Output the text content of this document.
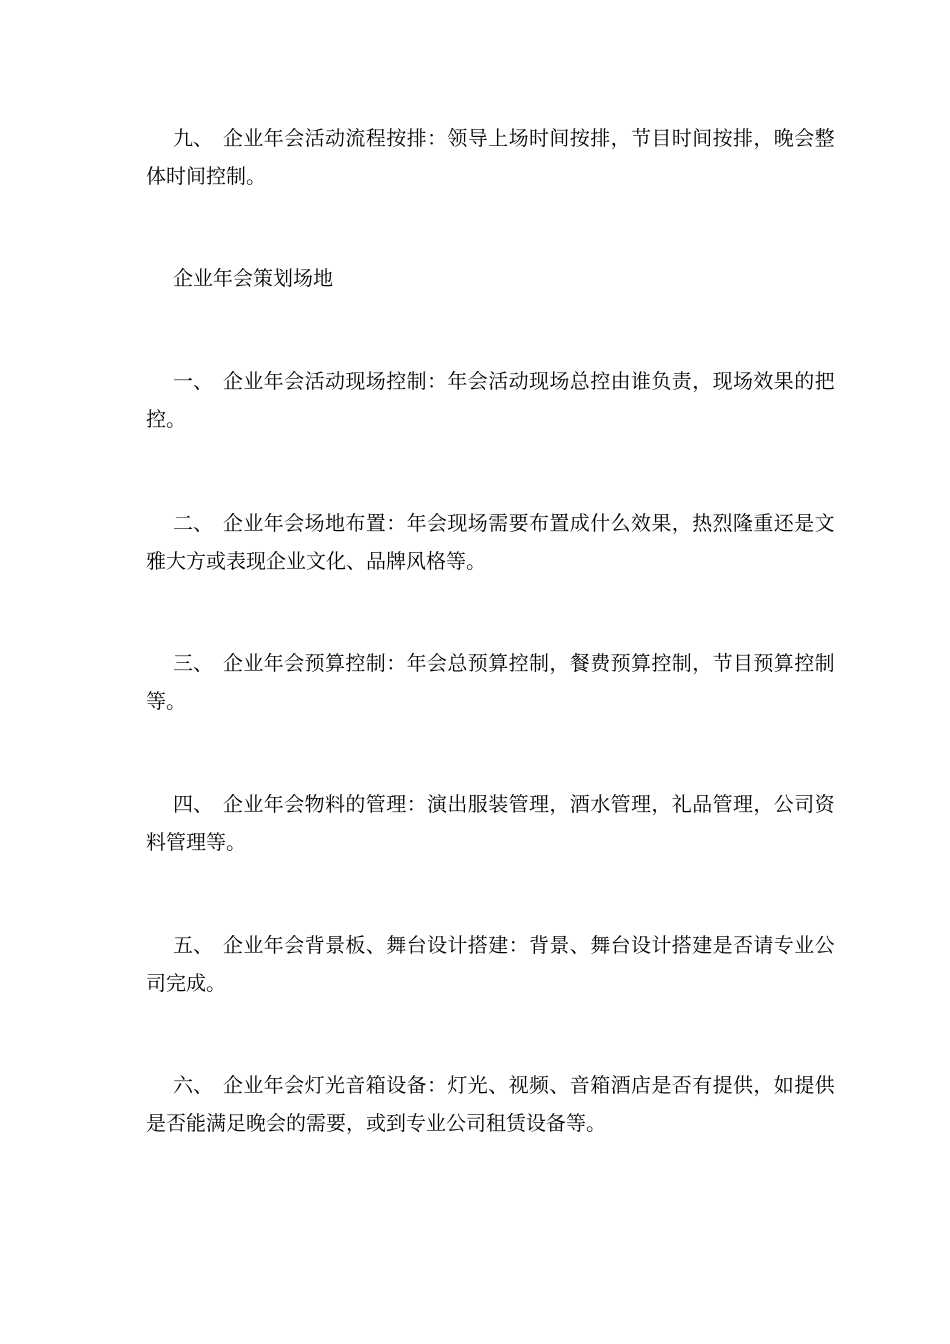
九、 企业年会活动流程按排：领导上场时间按排，节目时间按排，晚会整
体时间控制。
企业年会策划场地
一、 企业年会活动现场控制：年会活动现场总控由谁负责，现场效果的把
控。
二、 企业年会场地布置：年会现场需要布置成什么效果，热烈隆重还是文
雅大方或表现企业文化、品牌风格等。
三、 企业年会预算控制：年会总预算控制，餐费预算控制，节目预算控制
等。
四、 企业年会物料的管理：演出服装管理，酒水管理，礼品管理，公司资
料管理等。
五、 企业年会背景板、舞台设计搭建：背景、舞台设计搭建是否请专业公
司完成。
六、 企业年会灯光音箱设备：灯光、视频、音箱酒店是否有提供，如提供
是否能满足晚会的需要，或到专业公司租赁设备等。
